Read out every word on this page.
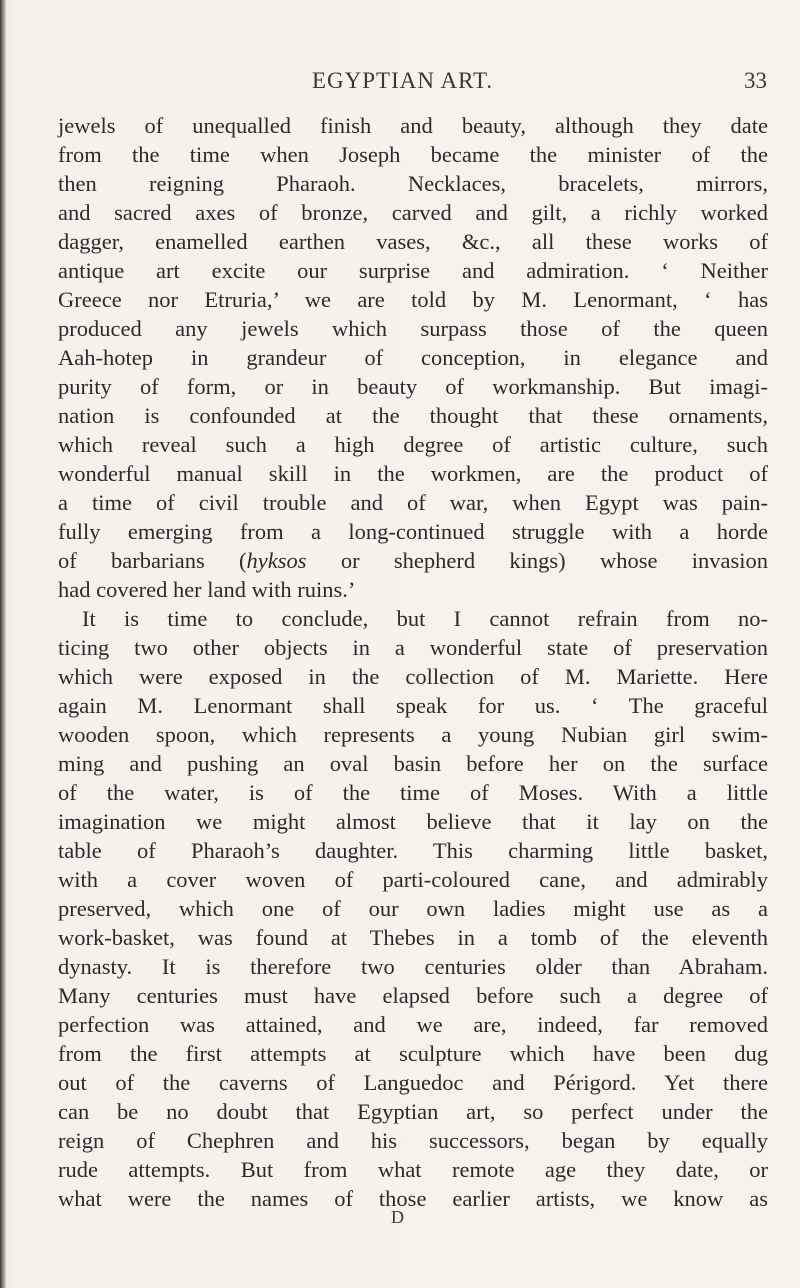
EGYPTIAN ART.	33
jewels of unequalled finish and beauty, although they date
from the time when Joseph became the minister of the
then reigning Pharaoh. Necklaces, bracelets, mirrors,
and sacred axes of bronze, carved and gilt, a richly worked
dagger, enamelled earthen vases, &c., all these works of
antique art excite our surprise and admiration. ‘ Neither
Greece nor Etruria,’ we are told by M. Lenormant, ‘ has
produced any jewels which surpass those of the queen
Aah-hotep in grandeur of conception, in elegance and
purity of form, or in beauty of workmanship. But imagi-
nation is confounded at the thought that these ornaments,
which reveal such a high degree of artistic culture, such
wonderful manual skill in the workmen, are the product of
a time of civil trouble and of war, when Egypt was pain-
fully emerging from a long-continued struggle with a horde
of barbarians (hyksos or shepherd kings) whose invasion
had covered her land with ruins.’
It is time to conclude, but I cannot refrain from no-
ticing two other objects in a wonderful state of preservation
which were exposed in the collection of M. Mariette. Here
again M. Lenormant shall speak for us. ‘ The graceful
wooden spoon, which represents a young Nubian girl swim-
ming and pushing an oval basin before her on the surface
of the water, is of the time of Moses. With a little
imagination we might almost believe that it lay on the
table of Pharaoh’s daughter. This charming little basket,
with a cover woven of parti-coloured cane, and admirably
preserved, which one of our own ladies might use as a
work-basket, was found at Thebes in a tomb of the eleventh
dynasty. It is therefore two centuries older than Abraham.
Many centuries must have elapsed before such a degree of
perfection was attained, and we are, indeed, far removed
from the first attempts at sculpture which have been dug
out of the caverns of Languedoc and Périgord. Yet there
can be no doubt that Egyptian art, so perfect under the
reign of Chephren and his successors, began by equally
rude attempts. But from what remote age they date, or
what were the names of those earlier artists, we know as
D
